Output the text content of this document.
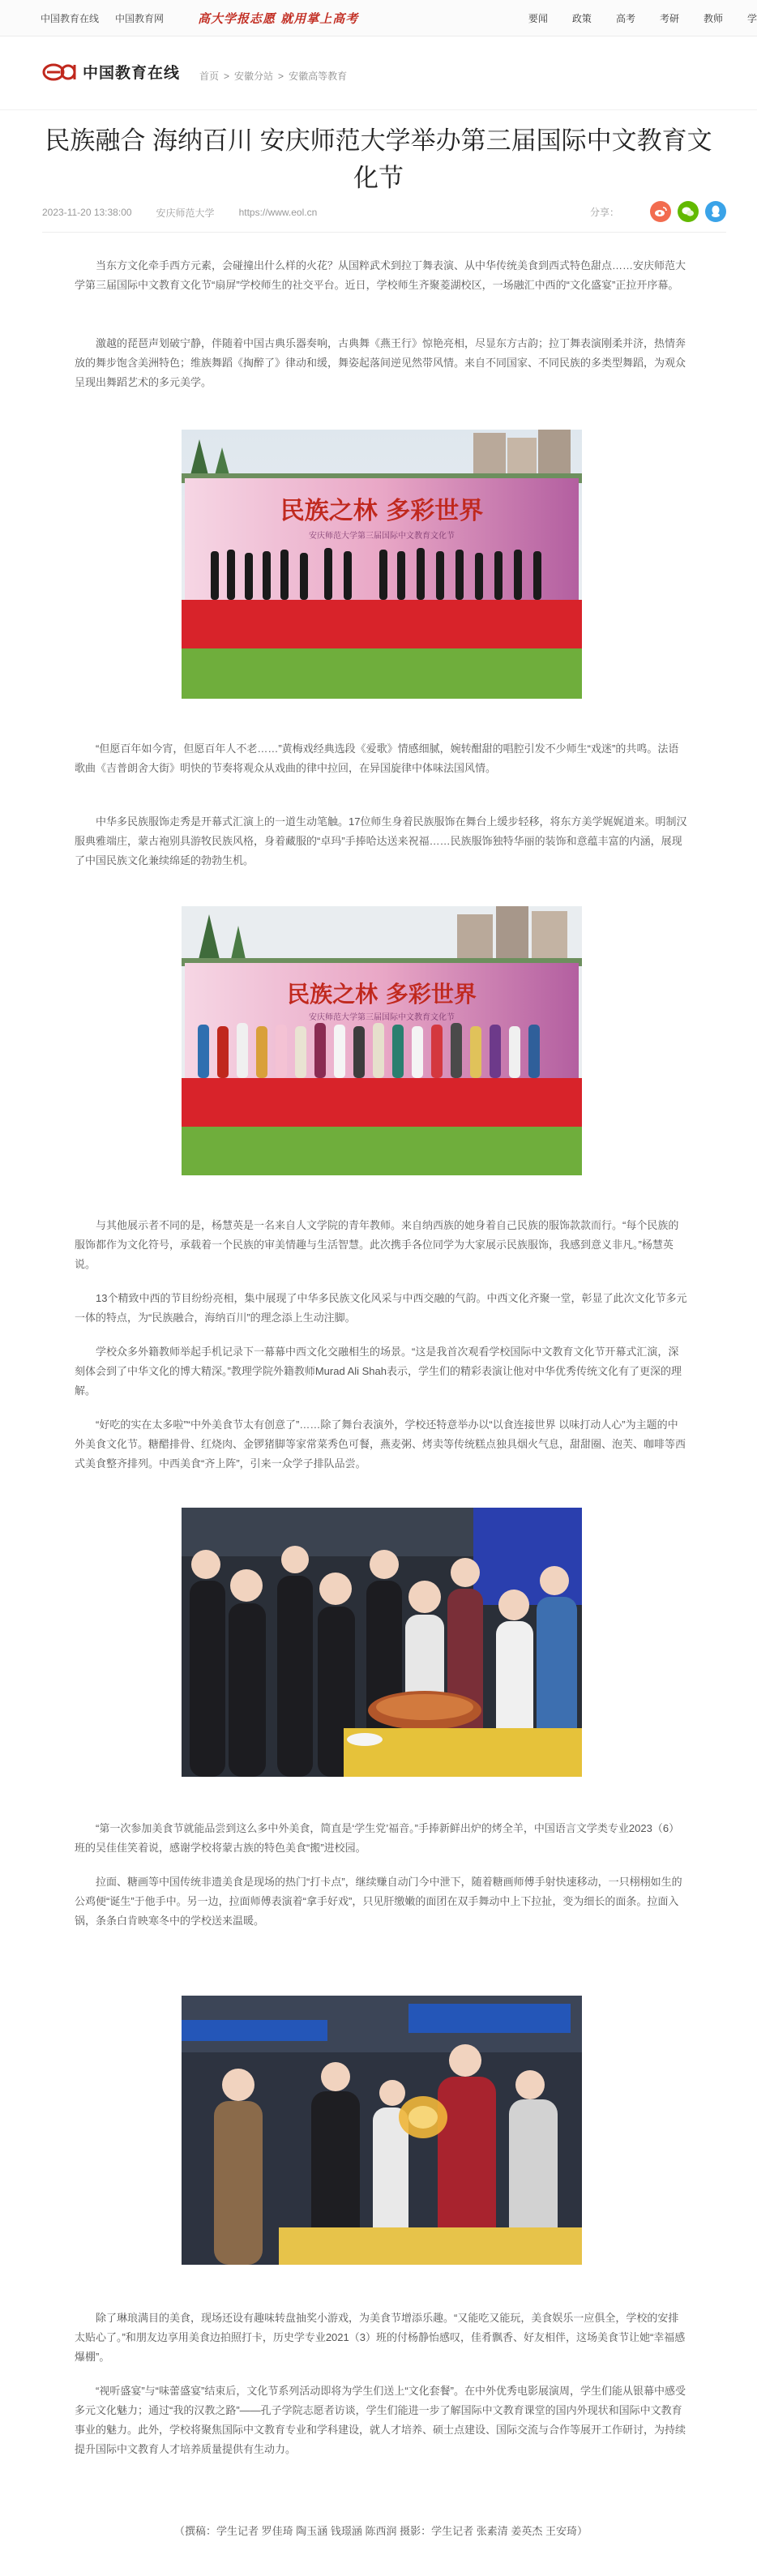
中国教育在线 中国教育网	高大学报志愿 就用掌上高考	要闻	政策	高考	考研	教师	学
中国教育在线 首页 > 安徽分站 > 安徽高等教育
民族融合 海纳百川 安庆师范大学举办第三届国际中文教育文化节
2023-11-20 13:38:00	安庆师范大学	https://www.eol.cn	分享：

当东方文化牵手西方元素，会碰撞出什么样的火花？从国粹武术到拉丁舞表演、从中华传统美食到西式特色甜点……安庆师范大学第三届国际中文教育文化节“扇屏”学校师生的社交平台。近日，学校师生齐聚菱湖校区，一场融汇中西的“文化盛宴”正拉开序幕。

激越的琵琶声划破宁静，伴随着中国古典乐器奏响，古典舞《燕王行》惊艳亮相，尽显东方古韵；拉丁舞表演刚柔并济，热情奔放的舞步饱含美洲特色；维族舞蹈《掏醉了》律动和缓，舞姿起落间逆见然带风情。来自不同国家、不同民族的多类型舞蹈，为观众呈现出舞蹈艺术的多元美学。

民族之林 多彩世界
安庆师范大学第三届国际中文教育文化节

“但愿百年如今宵，但愿百年人不老……”黄梅戏经典选段《爱歌》情感细腻，婉转酣甜的唱腔引发不少师生“戏迷”的共鸣。法语歌曲《吉普朗舍大街》明快的节奏将观众从戏曲的律中拉回，在异国旋律中体味法国风情。

中华多民族服饰走秀是开幕式汇演上的一道生动笔触。17位师生身着民族服饰在舞台上缓步轻移，将东方美学娓娓道来。明制汉服典雅端庄，蒙古袍别具游牧民族风格，身着藏服的“卓玛”手捧哈达送来祝福……民族服饰独特华丽的装饰和意蕴丰富的内涵，展现了中国民族文化兼续绵延的勃勃生机。

民族之林 多彩世界
安庆师范大学第三届国际中文教育文化节

与其他展示者不同的是，杨慧英是一名来自人文学院的青年教师。来自纳西族的她身着自己民族的服饰款款而行。“每个民族的服饰都作为文化符号，承载着一个民族的审美情趣与生活智慧。此次携手各位同学为大家展示民族服饰，我感到意义非凡。”杨慧英说。

13个精致中西的节目纷纷亮相，集中展现了中华多民族文化风采与中西交融的气韵。中西文化齐聚一堂，彰显了此次文化节多元一体的特点，为“民族融合，海纳百川”的理念添上生动注脚。

学校众多外籍教师举起手机记录下一幕幕中西文化交融相生的场景。“这是我首次观看学校国际中文教育文化节开幕式汇演，深刻体会到了中华文化的博大精深。”教理学院外籍教师Murad Ali Shah表示，学生们的精彩表演让他对中华优秀传统文化有了更深的理解。

“好吃的实在太多啦”“中外美食节太有创意了”……除了舞台表演外，学校还特意举办以“以食连接世界 以味打动人心”为主题的中外美食文化节。糖醋排骨、红烧肉、金锣猪脚等家常菜秀色可餐，燕麦粥、烤卖等传统糕点独具烟火气息，甜甜圈、泡芙、咖啡等西式美食整齐排列。中西美食“齐上阵”，引来一众学子排队品尝。

“第一次参加美食节就能品尝到这么多中外美食，简直是‘学生党’福音。”手捧新鲜出炉的烤全羊，中国语言文学类专业2023（6）班的吴佳佳笑着说，感谢学校将蒙古族的特色美食“搬”进校园。

拉面、糖画等中国传统非遗美食是现场的热门“打卡点”，继续赚自动门今中泄下，随着糖画师傅手射快速移动，一只栩栩如生的公鸡便“诞生”于他手中。另一边，拉面师傅表演着“拿手好戏”，只见肝缴嫩的面团在双手舞动中上下拉扯，变为细长的面条。拉面入锅，条条白肯映寒冬中的学校送来温暖。

除了琳琅满目的美食，现场还设有趣味转盘抽奖小游戏，为美食节增添乐趣。“又能吃又能玩，美食娱乐一应俱全，学校的安排太贴心了。”和朋友边享用美食边拍照打卡，历史学专业2021（3）班的付杨静怡感叹，佳肴飘香、好友相伴，这场美食节让她“幸福感爆棚”。

“视听盛宴”与“味蕾盛宴”结束后，文化节系列活动即将为学生们送上“文化套餐”。在中外优秀电影展演周，学生们能从银幕中感受多元文化魅力；通过“我的汉教之路”——孔子学院志愿者访谈，学生们能进一步了解国际中文教育课堂的国内外现状和国际中文教育事业的魅力。此外，学校将聚焦国际中文教育专业和学科建设，就人才培养、硕士点建设、国际交流与合作等展开工作研讨，为持续提升国际中文教育人才培养质量提供有生动力。

（撰稿：学生记者 罗佳琦 陶玉涵 钱璟涵 陈西润 摄影：学生记者 张素清 姜英杰 王安琦）
